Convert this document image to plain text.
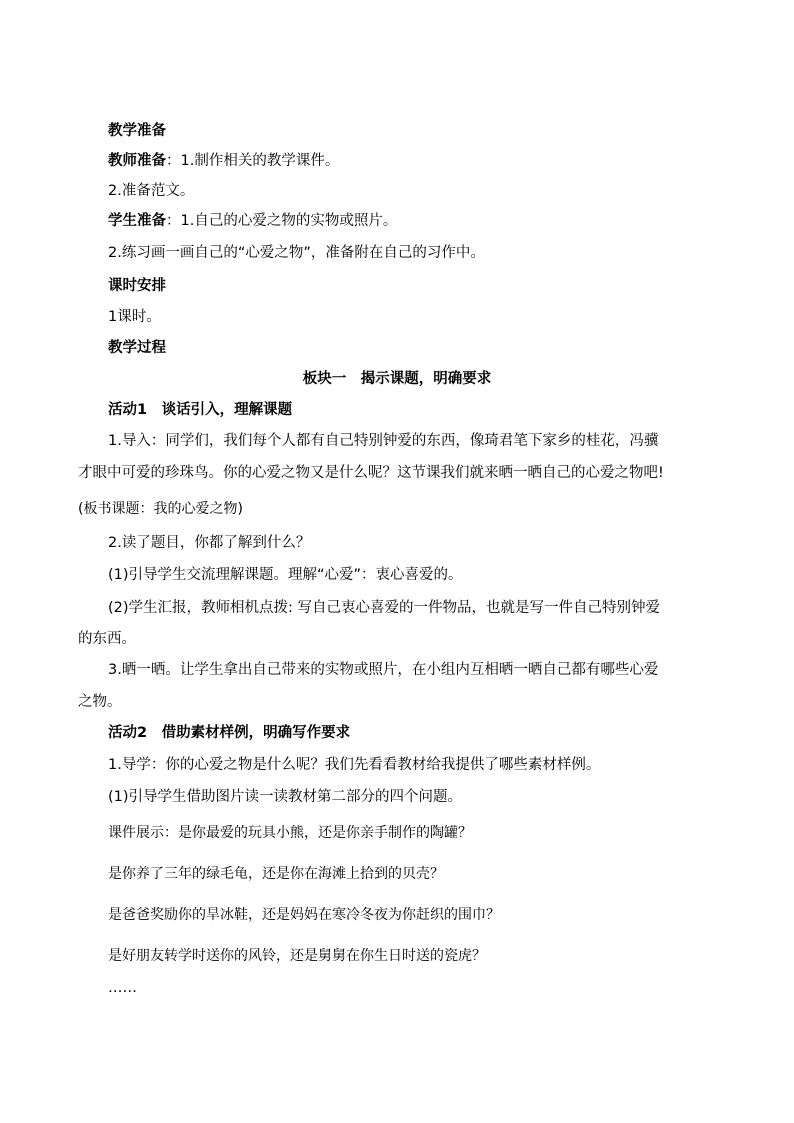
教学准备
教师准备：1.制作相关的教学课件。
2.准备范文。
学生准备：1.自己的心爱之物的实物或照片。
2.练习画一画自己的“心爱之物”，准备附在自己的习作中。
课时安排
1课时。
教学过程
板块一　揭示课题，明确要求
活动1　谈话引入，理解课题
1.导入：同学们，我们每个人都有自己特别钟爱的东西，像琦君笔下家乡的桂花，冯骥
才眼中可爱的珍珠鸟。你的心爱之物又是什么呢？这节课我们就来晒一晒自己的心爱之物吧!
(板书课题：我的心爱之物)
2.读了题目，你都了解到什么？
(1)引导学生交流理解课题。理解“心爱”：衷心喜爱的。
(2)学生汇报，教师相机点拨: 写自己衷心喜爱的一件物品，也就是写一件自己特别钟爱
的东西。
3.晒一晒。让学生拿出自己带来的实物或照片，在小组内互相晒一晒自己都有哪些心爱
之物。
活动2　借助素材样例，明确写作要求
1.导学：你的心爱之物是什么呢？我们先看看教材给我提供了哪些素材样例。
(1)引导学生借助图片读一读教材第二部分的四个问题。
课件展示：是你最爱的玩具小熊，还是你亲手制作的陶罐？
是你养了三年的绿毛龟，还是你在海滩上拾到的贝壳？
是爸爸奖励你的旱冰鞋，还是妈妈在寒冷冬夜为你赶织的围巾？
是好朋友转学时送你的风铃，还是舅舅在你生日时送的瓷虎？
……
